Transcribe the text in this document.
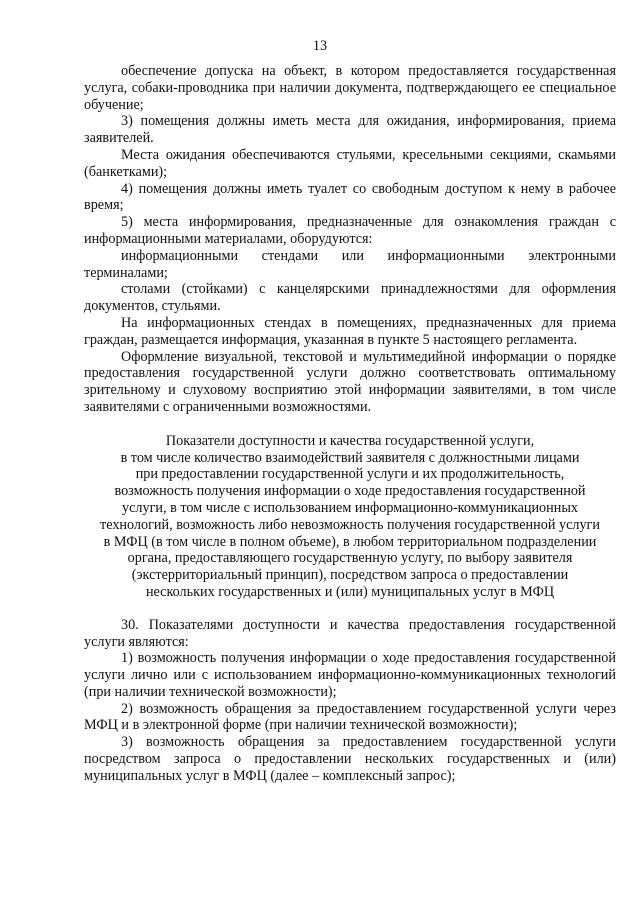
13

обеспечение допуска на объект, в котором предоставляется государственная услуга, собаки-проводника при наличии документа, подтверждающего ее специальное обучение;

3) помещения должны иметь места для ожидания, информирования, приема заявителей.

Места ожидания обеспечиваются стульями, кресельными секциями, скамьями (банкетками);

4) помещения должны иметь туалет со свободным доступом к нему в рабочее время;

5) места информирования, предназначенные для ознакомления граждан с информационными материалами, оборудуются:

информационными стендами или информационными электронными терминалами;

столами (стойками) с канцелярскими принадлежностями для оформления документов, стульями.

На информационных стендах в помещениях, предназначенных для приема граждан, размещается информация, указанная в пункте 5 настоящего регламента.

Оформление визуальной, текстовой и мультимедийной информации о порядке предоставления государственной услуги должно соответствовать оптимальному зрительному и слуховому восприятию этой информации заявителями, в том числе заявителями с ограниченными возможностями.

Показатели доступности и качества государственной услуги,
в том числе количество взаимодействий заявителя с должностными лицами
при предоставлении государственной услуги и их продолжительность,
возможность получения информации о ходе предоставления государственной
услуги, в том числе с использованием информационно-коммуникационных
технологий, возможность либо невозможность получения государственной услуги
в МФЦ (в том числе в полном объеме), в любом территориальном подразделении
органа, предоставляющего государственную услугу, по выбору заявителя
(экстерриториальный принцип), посредством запроса о предоставлении
нескольких государственных и (или) муниципальных услуг в МФЦ

30. Показателями доступности и качества предоставления государственной услуги являются:

1) возможность получения информации о ходе предоставления государственной услуги лично или с использованием информационно-коммуникационных технологий (при наличии технической возможности);

2) возможность обращения за предоставлением государственной услуги через МФЦ и в электронной форме (при наличии технической возможности);

3) возможность обращения за предоставлением государственной услуги посредством запроса о предоставлении нескольких государственных и (или) муниципальных услуг в МФЦ (далее – комплексный запрос);
